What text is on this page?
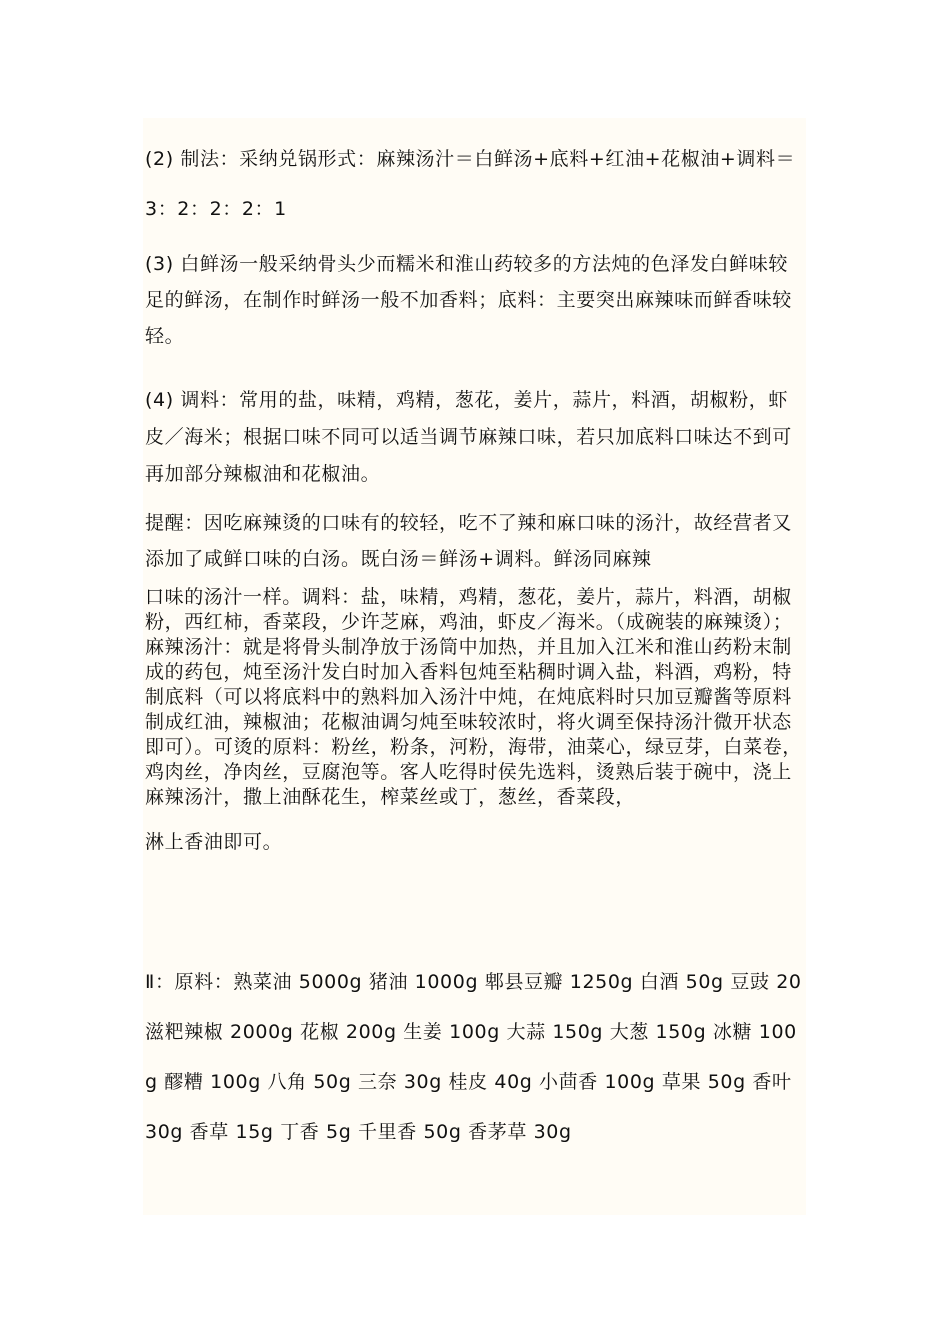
(2) 制法：采纳兑锅形式：麻辣汤汁＝白鲜汤+底料+红油+花椒油+调料＝3：2：2：2：1

(3) 白鲜汤一般采纳骨头少而糯米和淮山药较多的方法炖的色泽发白鲜味较足的鲜汤，在制作时鲜汤一般不加香料；底料：主要突出麻辣味而鲜香味较轻。

(4) 调料：常用的盐，味精，鸡精，葱花，姜片，蒜片，料酒，胡椒粉，虾皮／海米；根据口味不同可以适当调节麻辣口味，若只加底料口味达不到可再加部分辣椒油和花椒油。

提醒：因吃麻辣烫的口味有的较轻，吃不了辣和麻口味的汤汁，故经营者又添加了咸鲜口味的白汤。既白汤＝鲜汤+调料。鲜汤同麻辣
口味的汤汁一样。调料：盐，味精，鸡精，葱花，姜片，蒜片，料酒，胡椒粉，西红柿，香菜段，少许芝麻，鸡油，虾皮／海米。（成碗装的麻辣烫）；麻辣汤汁：就是将骨头制净放于汤筒中加热，并且加入江米和淮山药粉末制成的药包，炖至汤汁发白时加入香料包炖至粘稠时调入盐，料酒，鸡粉，特制底料（可以将底料中的熟料加入汤汁中炖，在炖底料时只加豆瓣酱等原料制成红油，辣椒油；花椒油调匀炖至味较浓时，将火调至保持汤汁微开状态即可）。可烫的原料：粉丝，粉条，河粉，海带，油菜心，绿豆芽，白菜卷，鸡肉丝，净肉丝，豆腐泡等。客人吃得时侯先选料，烫熟后装于碗中，浇上麻辣汤汁，撒上油酥花生，榨菜丝或丁，葱丝，香菜段，
淋上香油即可。

Ⅱ：原料：熟菜油 5000g 猪油 1000g 郫县豆瓣 1250g 白酒 50g 豆豉 20 滋粑辣椒 2000g 花椒 200g 生姜 100g 大蒜 150g 大葱 150g 冰糖 100g 醪糟 100g 八角 50g 三奈 30g 桂皮 40g 小茴香 100g 草果 50g 香叶 30g 香草 15g 丁香 5g 千里香 50g 香茅草 30g
